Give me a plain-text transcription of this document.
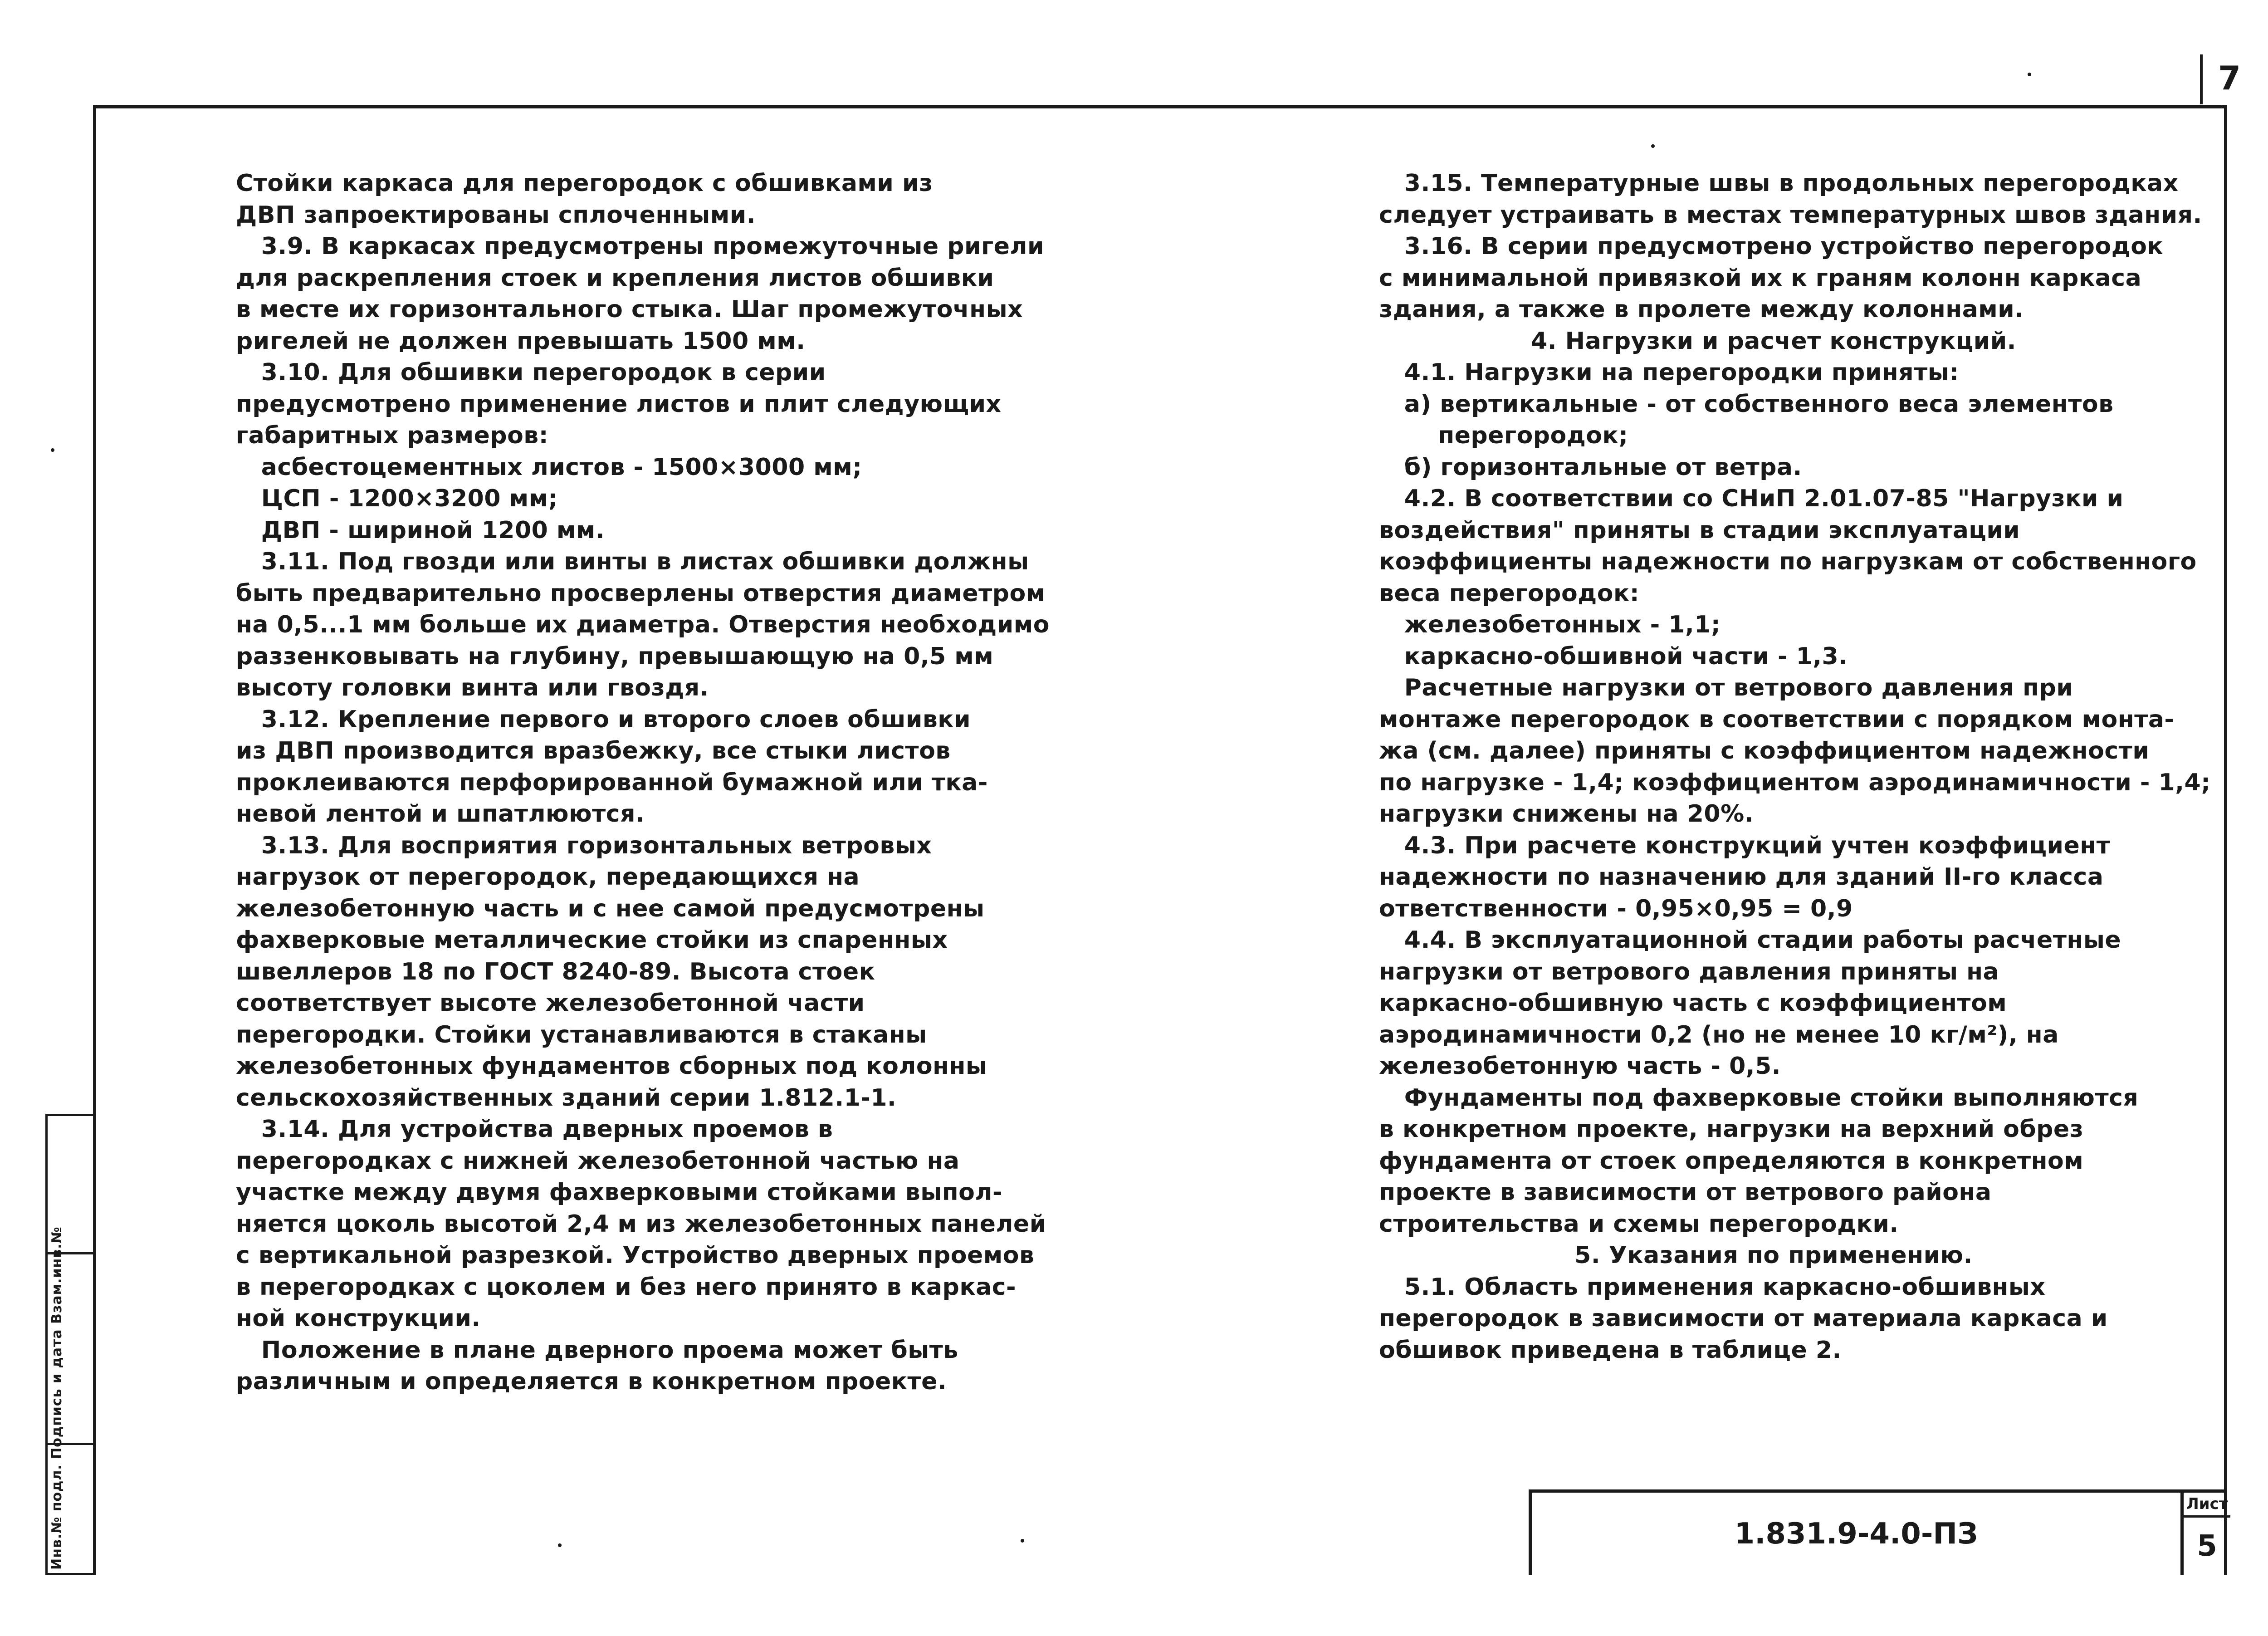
7
Инв.№ подл. Подпись и дата Взам.инв.№

Стойки каркаса для перегородок с обшивками из

ДВП запроектированы сплоченными.

3.9. В каркасах предусмотрены промежуточные ригели

для раскрепления стоек и крепления листов обшивки

в месте их горизонтального стыка. Шаг промежуточных

ригелей не должен превышать 1500 мм.

3.10. Для обшивки перегородок в серии

предусмотрено применение листов и плит следующих

габаритных размеров:

асбестоцементных листов - 1500×3000 мм;

ЦСП - 1200×3200 мм;

ДВП - шириной 1200 мм.

3.11. Под гвозди или винты в листах обшивки должны

быть предварительно просверлены отверстия диаметром

на 0,5...1 мм больше их диаметра. Отверстия необходимо

раззенковывать на глубину, превышающую на 0,5 мм

высоту головки винта или гвоздя.

3.12. Крепление первого и второго слоев обшивки

из ДВП производится вразбежку, все стыки листов

проклеиваются перфорированной бумажной или тка-

невой лентой и шпатлюются.

3.13. Для восприятия горизонтальных ветровых

нагрузок от перегородок, передающихся на

железобетонную часть и с нее самой предусмотрены

фахверковые металлические стойки из спаренных

швеллеров 18 по ГОСТ 8240-89. Высота стоек

соответствует высоте железобетонной части

перегородки. Стойки устанавливаются в стаканы

железобетонных фундаментов сборных под колонны

сельскохозяйственных зданий серии 1.812.1-1.

3.14. Для устройства дверных проемов в

перегородках с нижней железобетонной частью на

участке между двумя фахверковыми стойками выпол-

няется цоколь высотой 2,4 м из железобетонных панелей

с вертикальной разрезкой. Устройство дверных проемов

в перегородках с цоколем и без него принято в каркас-

ной конструкции.

Положение в плане дверного проема может быть

различным и определяется в конкретном проекте.

3.15. Температурные швы в продольных перегородках

следует устраивать в местах температурных швов здания.

3.16. В серии предусмотрено устройство перегородок

с минимальной привязкой их к граням колонн каркаса

здания, а также в пролете между колоннами.

4. Нагрузки и расчет конструкций.

4.1. Нагрузки на перегородки приняты:

а) вертикальные - от собственного веса элементов

перегородок;

б) горизонтальные от ветра.

4.2. В соответствии со СНиП 2.01.07-85 "Нагрузки и

воздействия" приняты в стадии эксплуатации

коэффициенты надежности по нагрузкам от собственного

веса перегородок:

железобетонных - 1,1;

каркасно-обшивной части - 1,3.

Расчетные нагрузки от ветрового давления при

монтаже перегородок в соответствии с порядком монта-

жа (см. далее) приняты с коэффициентом надежности

по нагрузке - 1,4; коэффициентом аэродинамичности - 1,4;

нагрузки снижены на 20%.

4.3. При расчете конструкций учтен коэффициент

надежности по назначению для зданий II-го класса

ответственности - 0,95×0,95 = 0,9

4.4. В эксплуатационной стадии работы расчетные

нагрузки от ветрового давления приняты на

каркасно-обшивную часть с коэффициентом

аэродинамичности 0,2 (но не менее 10 кг/м²), на

железобетонную часть - 0,5.

Фундаменты под фахверковые стойки выполняются

в конкретном проекте, нагрузки на верхний обрез

фундамента от стоек определяются в конкретном

проекте в зависимости от ветрового района

строительства и схемы перегородки.

5. Указания по применению.

5.1. Область применения каркасно-обшивных

перегородок в зависимости от материала каркаса и

обшивок приведена в таблице 2.

1.831.9-4.0-ПЗ
Лист
5
